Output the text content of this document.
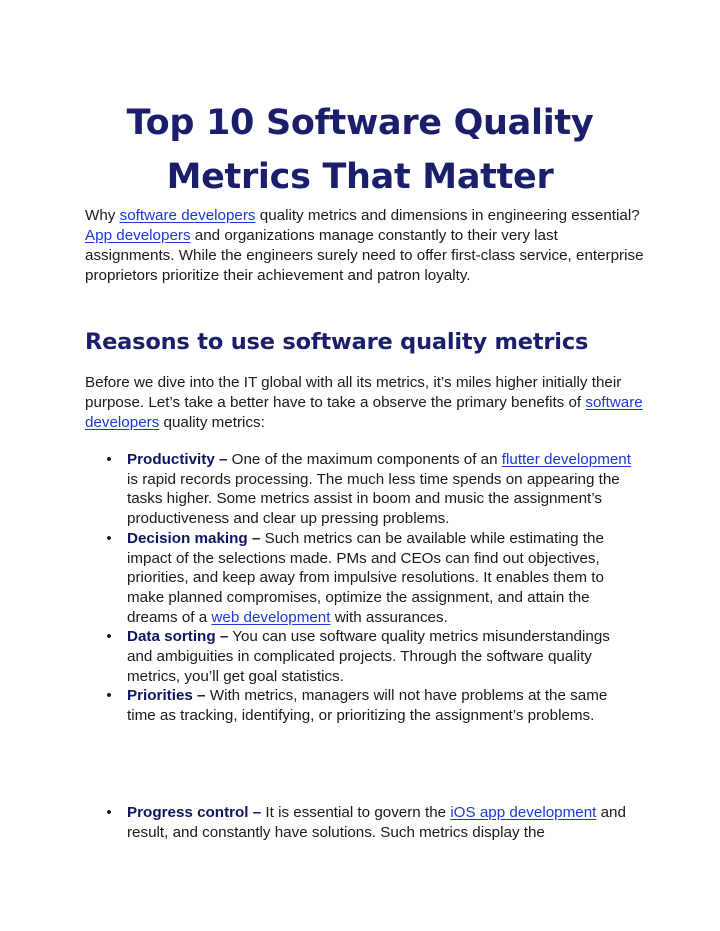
Top 10 Software Quality
Metrics That Matter

Why software developers quality metrics and dimensions in engineering essential? App developers and organizations manage constantly to their very last assignments. While the engineers surely need to offer first-class service, enterprise proprietors prioritize their achievement and patron loyalty.

Reasons to use software quality metrics

Before we dive into the IT global with all its metrics, it’s miles higher initially their purpose. Let’s take a better have to take a observe the primary benefits of software developers quality metrics:

• Productivity – One of the maximum components of an flutter development is rapid records processing. The much less time spends on appearing the tasks higher. Some metrics assist in boom and music the assignment’s productiveness and clear up pressing problems.
• Decision making – Such metrics can be available while estimating the impact of the selections made. PMs and CEOs can find out objectives, priorities, and keep away from impulsive resolutions. It enables them to make planned compromises, optimize the assignment, and attain the dreams of a web development with assurances.
• Data sorting – You can use software quality metrics misunderstandings and ambiguities in complicated projects. Through the software quality metrics, you’ll get goal statistics.
• Priorities – With metrics, managers will not have problems at the same time as tracking, identifying, or prioritizing the assignment’s problems.
• Progress control – It is essential to govern the iOS app development and result, and constantly have solutions. Such metrics display the
